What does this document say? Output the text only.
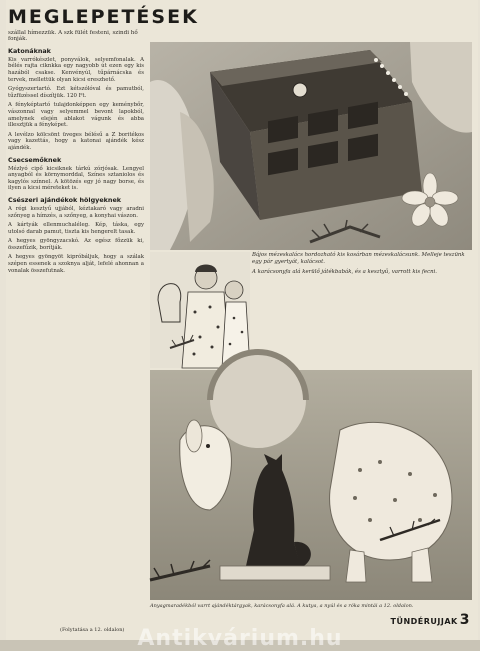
MEGLEPETÉSEK
szállal hímezzük. A szk fülét festeni, szindi hő fonják.
Katonáknak

Kis varrókészlet, ponyválok, selyemfonalak. A bélés rajta ciknkka egy nagyobb út ezen egy kis hazából csakse. Kenvényúl, tűpárnácska és tervek, mellettük olyan kicsi ereszhető.

Gyógyszertartó. Ezt kétszólóval és pamutból, tűzfüzéssel díszítjük. 120 Ft.

A fényképtartó tulajdonképpen egy keménybőr, vászonnal vagy selyemmel bevont lapokból, amelynek elején ablakot vágunk és abba illesztjük a fényképet.

A levélzo kölcsönt üveges bélésű a Z boritékos vagy kazettás, hogy a katonai ajándék kész ajándék.

Csecsemőknek

Mézlyó cipő kicsiknek tárkú zórjósak. Lengyel anyagból és környmorddal, Színes sztaniolos és kagylós színnel. A kötözés egy jó nagy borse, és ilyen a kicsi méreteket is.

Csészeri ajándékok hölgyeknek

A régi kesztyű ujjából, kéztakaró vagy aradni szőnyeg a hímzés, a szőnyeg, a konyhai vászon.

A kártyák ellenmuchaléleg. Kép, táska, egy utolsó darab pamut, tiszta kis hengerelt tasak.

A hegyes gyöngyzacskó. Az egész főzzük ki, összefűzik, borítják.

A hegyes gyöngyöt kipróbáljuk, hogy a szálak szépen essenek a szoknya alját, lefelé ahonnan a vonalak összefutnak.

Bájos mézeskalács hordozható kis kosárban mézeskalácsunk. Melleje teszünk egy pár gyertyát, kalácsot.

A karácsonyfa alá kerülő játékbabák, és a kesztyű, varrott kis fecni.

Anyagmaradékból varrt ajándéktárgyak, karácsonyfa alá. A kutya, a nyúl és a róka mintái a 12. oldalon.
TÜNDÉRUJJAK 3
(Folytatása a 12. oldalon) Antikvárium.hu
